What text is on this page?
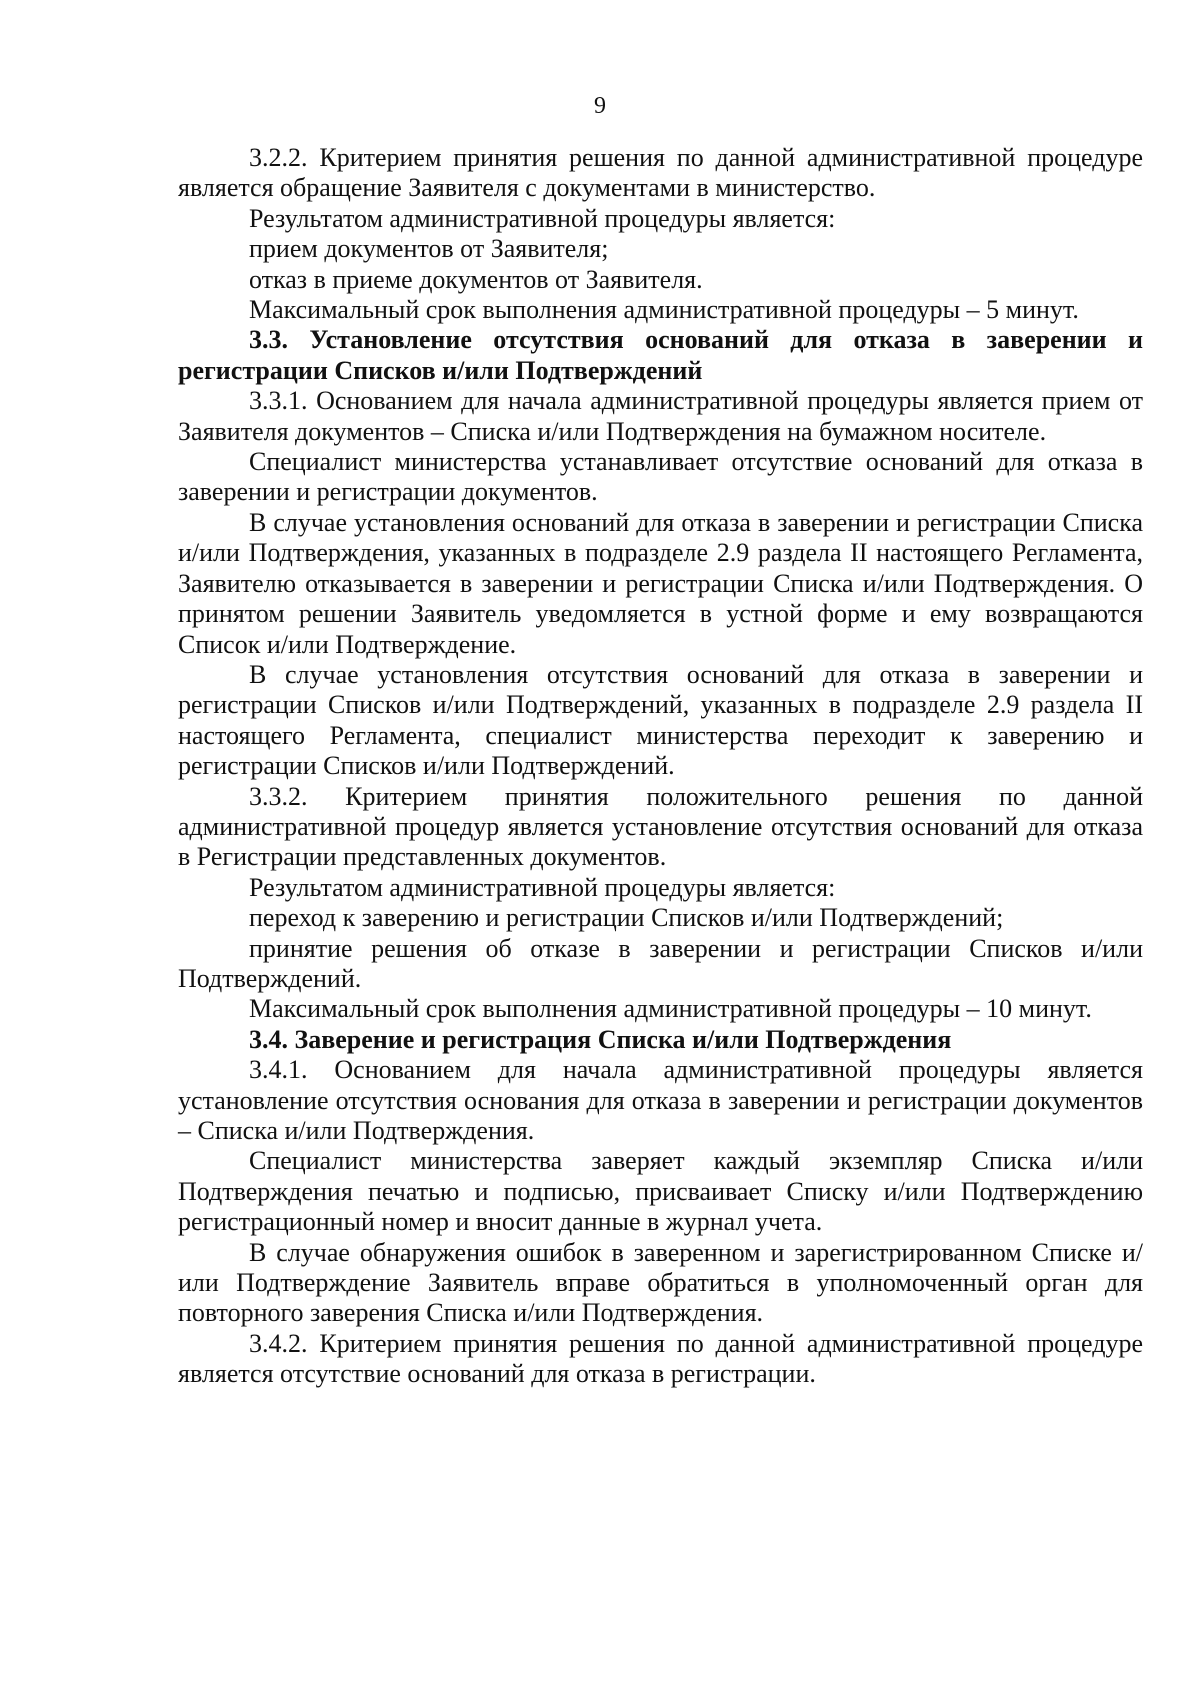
9

3.2.2. Критерием принятия решения по данной административной процедуре является обращение Заявителя с документами в министерство.

Результатом административной процедуры является:

прием документов от Заявителя;

отказ в приеме документов от Заявителя.

Максимальный срок выполнения административной процедуры – 5 минут.

3.3. Установление отсутствия оснований для отказа в заверении и регистрации Списков и/или Подтверждений

3.3.1. Основанием для начала административной процедуры является прием от Заявителя документов – Списка и/или Подтверждения на бумажном носителе.

Специалист министерства устанавливает отсутствие оснований для отказа в заверении и регистрации документов.

В случае установления оснований для отказа в заверении и регистрации Списка и/или Подтверждения, указанных в подразделе 2.9 раздела II настоящего Регламента, Заявителю отказывается в заверении и регистрации Списка и/или Подтверждения. О принятом решении Заявитель уведомляется в устной форме и ему возвращаются Список и/или Подтверждение.

В случае установления отсутствия оснований для отказа в заверении и регистрации Списков и/или Подтверждений, указанных в подразделе 2.9 раздела II настоящего Регламента, специалист министерства переходит к заверению и регистрации Списков и/или Подтверждений.

3.3.2. Критерием принятия положительного решения по данной административной процедур является установление отсутствия оснований для отказа в Регистрации представленных документов.

Результатом административной процедуры является:

переход к заверению и регистрации Списков и/или Подтверждений;

принятие решения об отказе в заверении и регистрации Списков и/или Подтверждений.

Максимальный срок выполнения административной процедуры – 10 минут.

3.4. Заверение и регистрация Списка и/или Подтверждения

3.4.1. Основанием для начала административной процедуры является установление отсутствия основания для отказа в заверении и регистрации документов – Списка и/или Подтверждения.

Специалист министерства заверяет каждый экземпляр Списка и/или Подтверждения печатью и подписью, присваивает Списку и/или Подтверждению регистрационный номер и вносит данные в журнал учета.

В случае обнаружения ошибок в заверенном и зарегистрированном Списке и/или Подтверждение Заявитель вправе обратиться в уполномоченный орган для повторного заверения Списка и/или Подтверждения.

3.4.2. Критерием принятия решения по данной административной процедуре является отсутствие оснований для отказа в регистрации.
